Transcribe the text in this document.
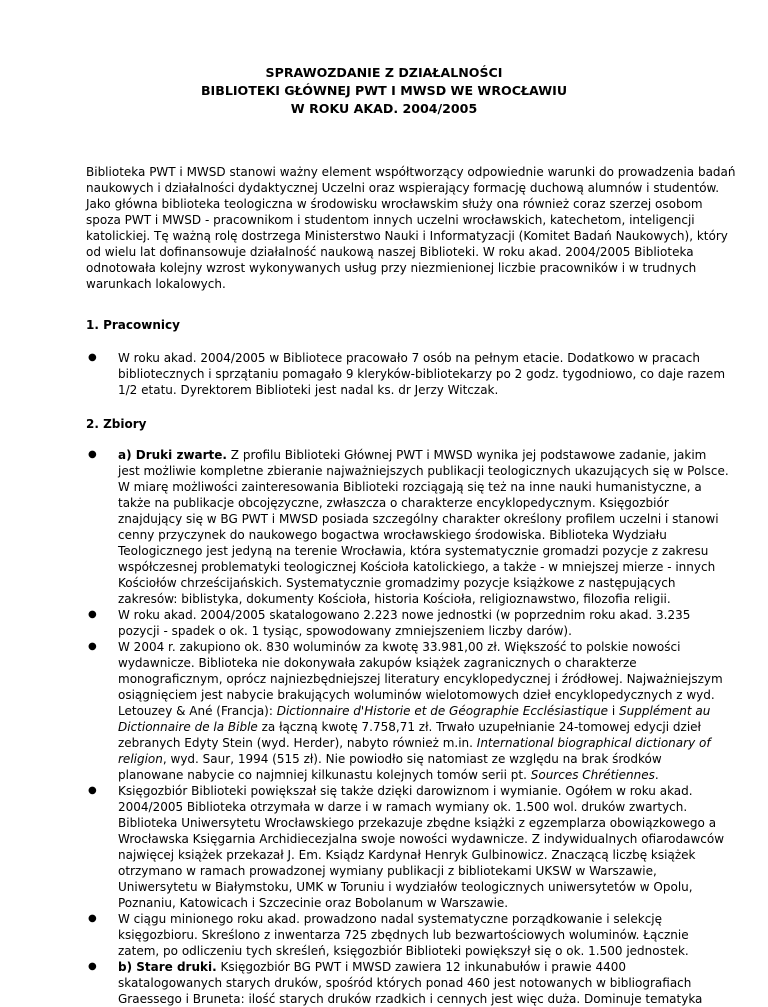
SPRAWOZDANIE Z DZIAŁALNOŚCI
BIBLIOTEKI GŁÓWNEJ PWT I MWSD WE WROCŁAWIU
W ROKU AKAD. 2004/2005
Biblioteka PWT i MWSD stanowi ważny element współtworzący odpowiednie warunki do prowadzenia badań
naukowych i działalności dydaktycznej Uczelni oraz wspierający formację duchową alumnów i studentów.
Jako główna biblioteka teologiczna w środowisku wrocławskim służy ona również coraz szerzej osobom
spoza PWT i MWSD - pracownikom i studentom innych uczelni wrocławskich, katechetom, inteligencji
katolickiej. Tę ważną rolę dostrzega Ministerstwo Nauki i Informatyzacji (Komitet Badań Naukowych), który
od wielu lat dofinansowuje działalność naukową naszej Biblioteki. W roku akad. 2004/2005 Biblioteka
odnotowała kolejny wzrost wykonywanych usług przy niezmienionej liczbie pracowników i w trudnych
warunkach lokalowych.
1. Pracownicy
● W roku akad. 2004/2005 w Bibliotece pracowało 7 osób na pełnym etacie. Dodatkowo w pracach
bibliotecznych i sprzątaniu pomagało 9 kleryków-bibliotekarzy po 2 godz. tygodniowo, co daje razem
1/2 etatu. Dyrektorem Biblioteki jest nadal ks. dr Jerzy Witczak.
2. Zbiory
● a) Druki zwarte. Z profilu Biblioteki Głównej PWT i MWSD wynika jej podstawowe zadanie, jakim
jest możliwie kompletne zbieranie najważniejszych publikacji teologicznych ukazujących się w Polsce.
W miarę możliwości zainteresowania Biblioteki rozciągają się też na inne nauki humanistyczne, a
także na publikacje obcojęzyczne, zwłaszcza o charakterze encyklopedycznym. Księgozbiór
znajdujący się w BG PWT i MWSD posiada szczególny charakter określony profilem uczelni i stanowi
cenny przyczynek do naukowego bogactwa wrocławskiego środowiska. Biblioteka Wydziału
Teologicznego jest jedyną na terenie Wrocławia, która systematycznie gromadzi pozycje z zakresu
współczesnej problematyki teologicznej Kościoła katolickiego, a także - w mniejszej mierze - innych
Kościołów chrześcijańskich. Systematycznie gromadzimy pozycje książkowe z następujących
zakresów: biblistyka, dokumenty Kościoła, historia Kościoła, religioznawstwo, filozofia religii.
● W roku akad. 2004/2005 skatalogowano 2.223 nowe jednostki (w poprzednim roku akad. 3.235
pozycji - spadek o ok. 1 tysiąc, spowodowany zmniejszeniem liczby darów).
● W 2004 r. zakupiono ok. 830 woluminów za kwotę 33.981,00 zł. Większość to polskie nowości
wydawnicze. Biblioteka nie dokonywała zakupów książek zagranicznych o charakterze
monograficznym, oprócz najniezbędniejszej literatury encyklopedycznej i źródłowej. Najważniejszym
osiągnięciem jest nabycie brakujących woluminów wielotomowych dzieł encyklopedycznych z wyd.
Letouzey & Ané (Francja): Dictionnaire d'Historie et de Géographie Ecclésiastique i Supplément au
Dictionnaire de la Bible za łączną kwotę 7.758,71 zł. Trwało uzupełnianie 24-tomowej edycji dzieł
zebranych Edyty Stein (wyd. Herder), nabyto również m.in. International biographical dictionary of
religion, wyd. Saur, 1994 (515 zł). Nie powiodło się natomiast ze względu na brak środków
planowane nabycie co najmniej kilkunastu kolejnych tomów serii pt. Sources Chrétiennes.
● Księgozbiór Biblioteki powiększał się także dzięki darowiznom i wymianie. Ogółem w roku akad.
2004/2005 Biblioteka otrzymała w darze i w ramach wymiany ok. 1.500 wol. druków zwartych.
Biblioteka Uniwersytetu Wrocławskiego przekazuje zbędne książki z egzemplarza obowiązkowego a
Wrocławska Księgarnia Archidiecezjalna swoje nowości wydawnicze. Z indywidualnych ofiarodawców
najwięcej książek przekazał J. Em. Ksiądz Kardynał Henryk Gulbinowicz. Znaczącą liczbę książek
otrzymano w ramach prowadzonej wymiany publikacji z bibliotekami UKSW w Warszawie,
Uniwersytetu w Białymstoku, UMK w Toruniu i wydziałów teologicznych uniwersytetów w Opolu,
Poznaniu, Katowicach i Szczecinie oraz Bobolanum w Warszawie.
● W ciągu minionego roku akad. prowadzono nadal systematyczne porządkowanie i selekcję
księgozbioru. Skreślono z inwentarza 725 zbędnych lub bezwartościowych woluminów. Łącznie
zatem, po odliczeniu tych skreśleń, księgozbiór Biblioteki powiększył się o ok. 1.500 jednostek.
● b) Stare druki. Księgozbiór BG PWT i MWSD zawiera 12 inkunabułów i prawie 4400
skatalogowanych starych druków, spośród których ponad 460 jest notowanych w bibliografiach
Graessego i Bruneta: ilość starych druków rzadkich i cennych jest więc duża. Dominuje tematyka
